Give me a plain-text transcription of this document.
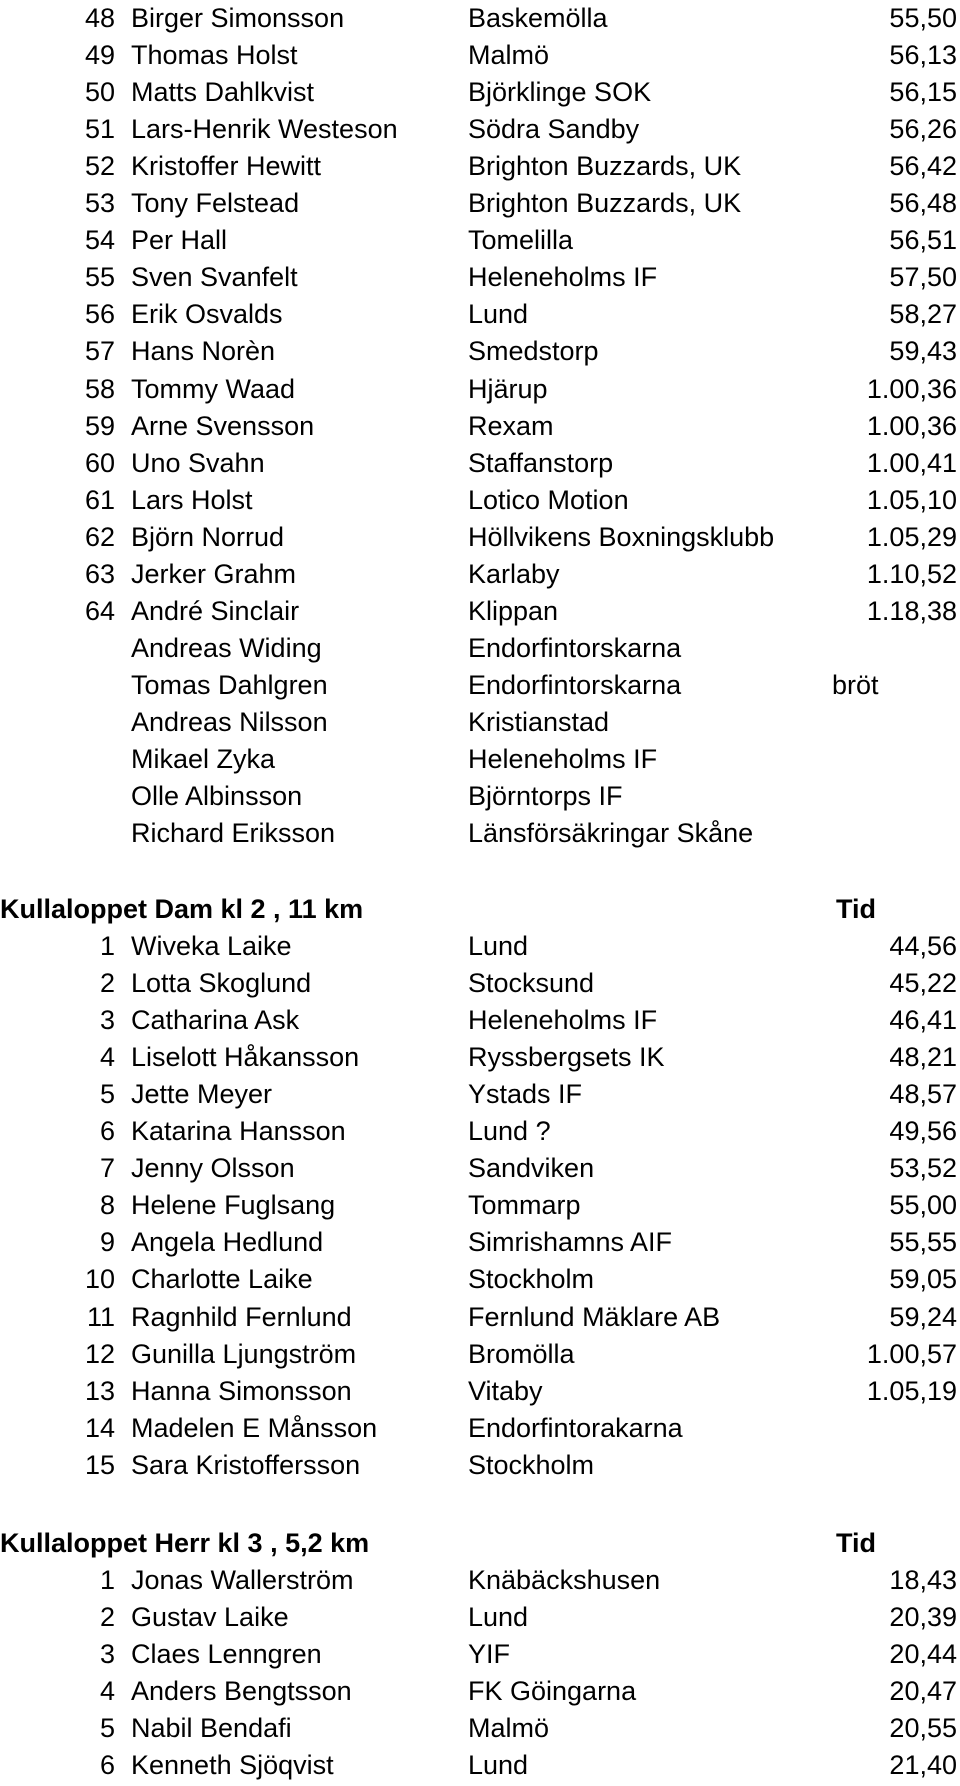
48 Birger Simonsson	Baskemölla	55,50
49 Thomas Holst	Malmö	56,13
50 Matts Dahlkvist	Björklinge SOK	56,15
51 Lars-Henrik Westeson	Södra Sandby	56,26
52 Kristoffer Hewitt	Brighton Buzzards, UK	56,42
53 Tony Felstead	Brighton Buzzards, UK	56,48
54 Per Hall	Tomelilla	56,51
55 Sven Svanfelt	Heleneholms IF	57,50
56 Erik Osvalds	Lund	58,27
57 Hans Norèn	Smedstorp	59,43
58 Tommy Waad	Hjärup	1.00,36
59 Arne Svensson	Rexam	1.00,36
60 Uno Svahn	Staffanstorp	1.00,41
61 Lars Holst	Lotico Motion	1.05,10
62 Björn Norrud	Höllvikens Boxningsklubb	1.05,29
63 Jerker Grahm	Karlaby	1.10,52
64 André Sinclair	Klippan	1.18,38
Andreas Widing	Endorfintorskarna
Tomas Dahlgren	Endorfintorskarna	bröt
Andreas Nilsson	Kristianstad
Mikael Zyka	Heleneholms IF
Olle Albinsson	Björntorps IF
Richard Eriksson	Länsförsäkringar Skåne
Kullaloppet Dam kl 2 , 11 km	Tid
1 Wiveka Laike	Lund	44,56
2 Lotta Skoglund	Stocksund	45,22
3 Catharina Ask	Heleneholms IF	46,41
4 Liselott Håkansson	Ryssbergsets IK	48,21
5 Jette Meyer	Ystads IF	48,57
6 Katarina Hansson	Lund ?	49,56
7 Jenny Olsson	Sandviken	53,52
8 Helene Fuglsang	Tommarp	55,00
9 Angela Hedlund	Simrishamns AIF	55,55
10 Charlotte Laike	Stockholm	59,05
11 Ragnhild Fernlund	Fernlund Mäklare AB	59,24
12 Gunilla Ljungström	Bromölla	1.00,57
13 Hanna Simonsson	Vitaby	1.05,19
14 Madelen E Månsson	Endorfintorakarna
15 Sara Kristoffersson	Stockholm
Kullaloppet Herr kl 3 , 5,2 km	Tid
1 Jonas Wallerström	Knäbäckshusen	18,43
2 Gustav Laike	Lund	20,39
3 Claes Lenngren	YIF	20,44
4 Anders Bengtsson	FK Göingarna	20,47
5 Nabil Bendafi	Malmö	20,55
6 Kenneth Sjöqvist	Lund	21,40
